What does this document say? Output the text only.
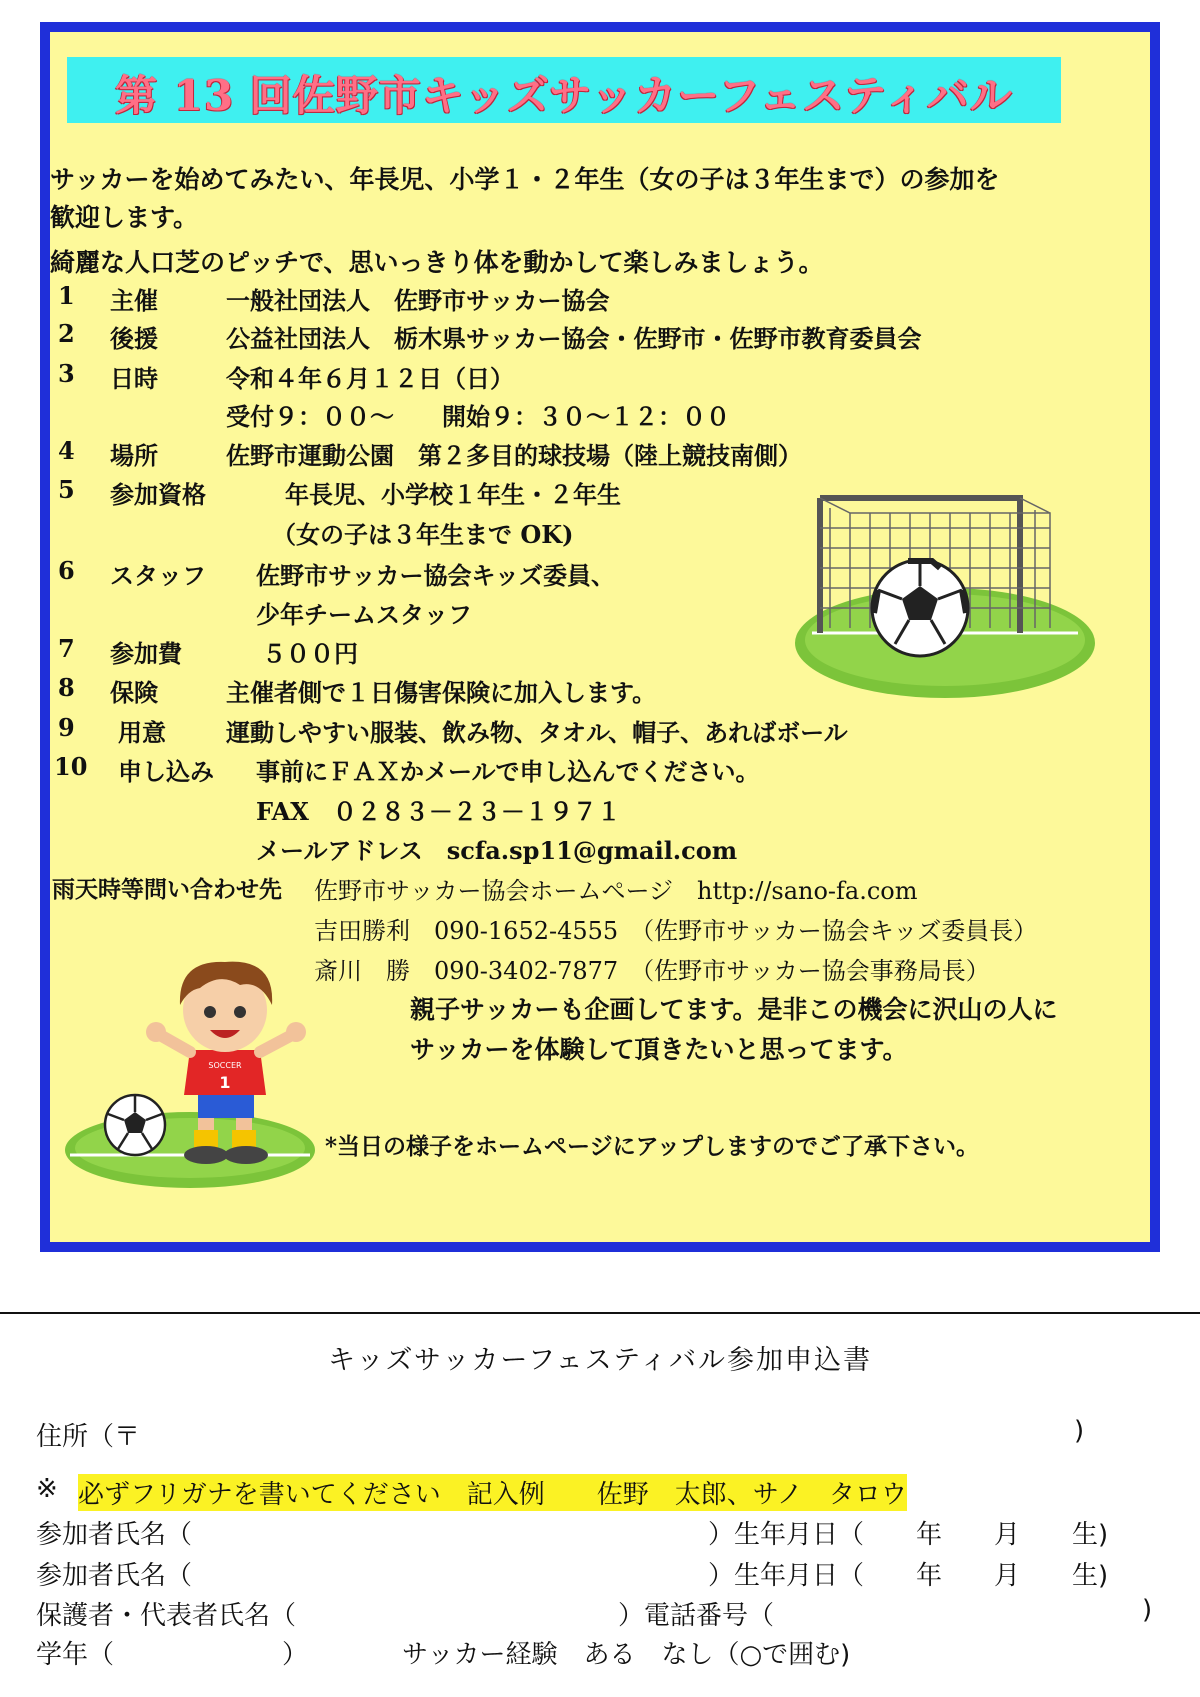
第 13 回佐野市キッズサッカーフェスティバル
サッカーを始めてみたい、年長児、小学１・２年生（女の子は３年生まで）の参加を
歓迎します。
綺麗な人口芝のピッチで、思いっきり体を動かして楽しみましょう。
1 主催	一般社団法人　佐野市サッカー協会
2 後援	公益社団法人　栃木県サッカー協会・佐野市・佐野市教育委員会
3 日時	令和４年６月１２日（日）
受付９：００～　　開始９：３０～１２：００
4 場所	佐野市運動公園　第２多目的球技場（陸上競技南側）
5 参加資格	年長児、小学校１年生・２年生
（女の子は３年生まで OK)
6 スタッフ 佐野市サッカー協会キッズ委員、
少年チームスタッフ
7 参加費	５００円
8 保険	主催者側で１日傷害保険に加入します。
9 用意	運動しやすい服装、飲み物、タオル、帽子、あればボール
10 申し込み 事前にＦＡＸかメールで申し込んでください。
FAX　０２８３－２３－１９７１
メールアドレス　scfa.sp11@gmail.com
雨天時等問い合わせ先 佐野市サッカー協会ホームページ　http://sano-fa.com
吉田勝利　090-1652-4555　（佐野市サッカー協会キッズ委員長）
斎川　勝　090-3402-7877　（佐野市サッカー協会事務局長）
親子サッカーも企画してます。是非この機会に沢山の人に
サッカーを体験して頂きたいと思ってます。
*当日の様子をホームページにアップしますのでご了承下さい。
SOCCER
1
キッズサッカーフェスティバル参加申込書
住所（〒	)
※ 必ずフリガナを書いてください　記入例　　佐野　太郎、サノ　タロウ
参加者氏名（	）生年月日（　　年　　月　　生)
参加者氏名（	）生年月日（　　年　　月　　生)
保護者・代表者氏名（	）電話番号（	)
学年（	）	サッカー経験　ある　なし（○で囲む)
